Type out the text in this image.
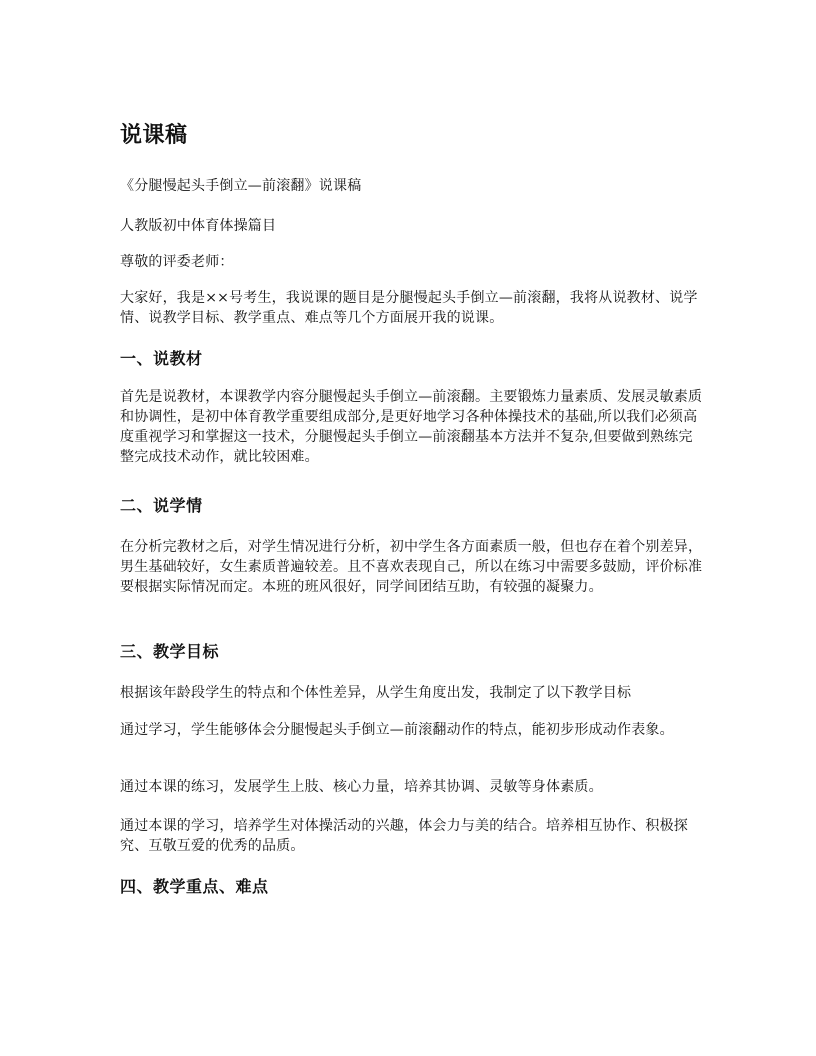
说课稿

《分腿慢起头手倒立—前滚翻》说课稿

人教版初中体育体操篇目

尊敬的评委老师：

大家好，我是××号考生，我说课的题目是分腿慢起头手倒立—前滚翻，我将从说教材、说学情、说教学目标、教学重点、难点等几个方面展开我的说课。

一、说教材

首先是说教材，本课教学内容分腿慢起头手倒立—前滚翻。主要锻炼力量素质、发展灵敏素质和协调性，是初中体育教学重要组成部分,是更好地学习各种体操技术的基础,所以我们必须高度重视学习和掌握这一技术，分腿慢起头手倒立—前滚翻基本方法并不复杂,但要做到熟练完整完成技术动作，就比较困难。

二、说学情

在分析完教材之后，对学生情况进行分析，初中学生各方面素质一般，但也存在着个别差异，男生基础较好，女生素质普遍较差。且不喜欢表现自己，所以在练习中需要多鼓励，评价标准要根据实际情况而定。本班的班风很好，同学间团结互助，有较强的凝聚力。

三、教学目标

根据该年龄段学生的特点和个体性差异，从学生角度出发，我制定了以下教学目标

通过学习，学生能够体会分腿慢起头手倒立—前滚翻动作的特点，能初步形成动作表象。

通过本课的练习，发展学生上肢、核心力量，培养其协调、灵敏等身体素质。

通过本课的学习，培养学生对体操活动的兴趣，体会力与美的结合。培养相互协作、积极探究、互敬互爱的优秀的品质。

四、教学重点、难点
